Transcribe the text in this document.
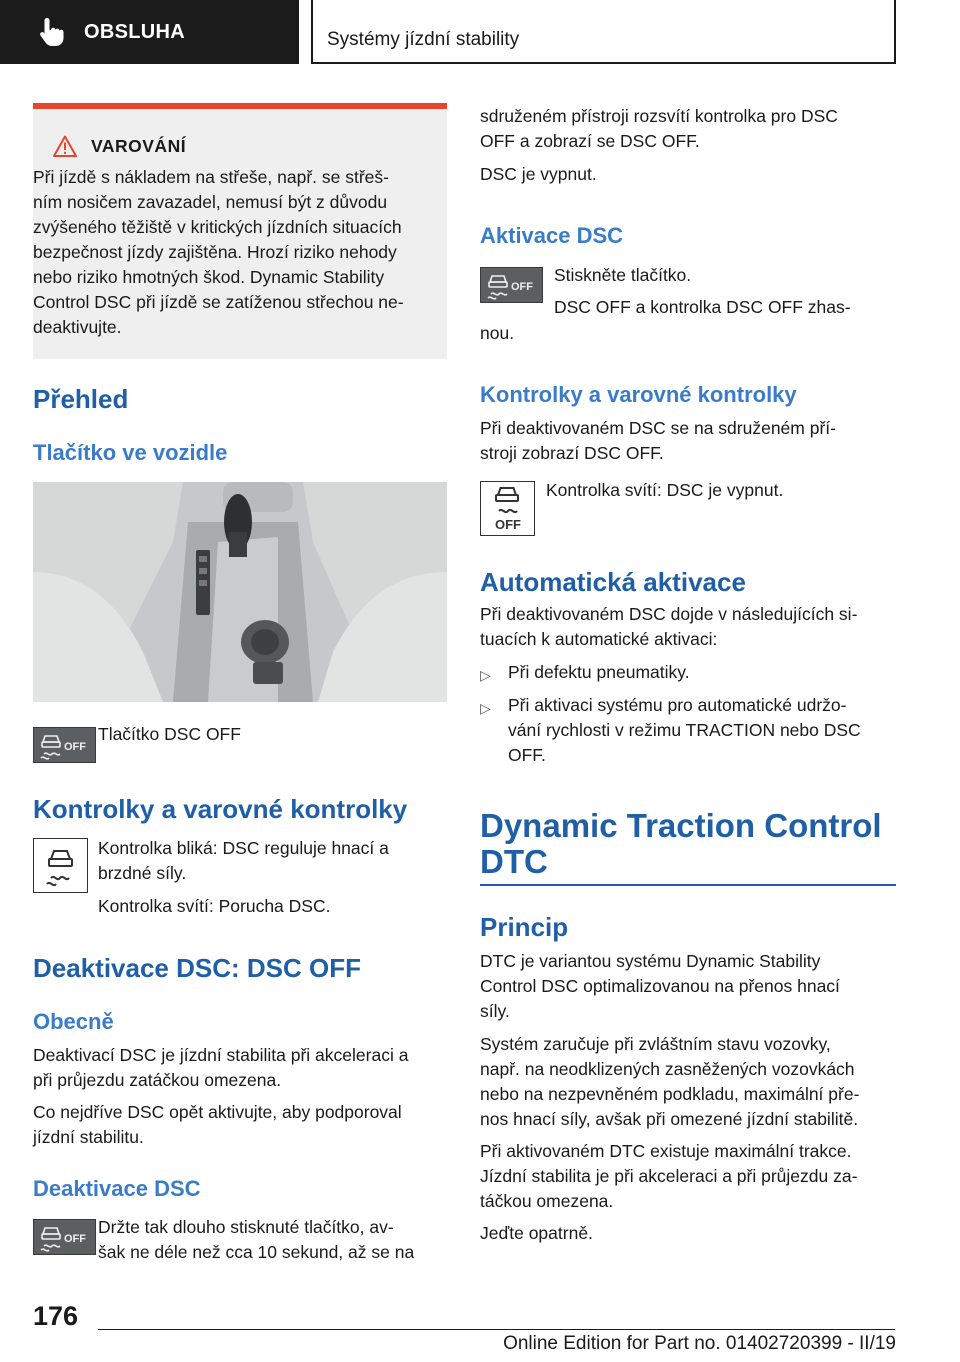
OBSLUHA	Systémy jízdní stability
VAROVÁNÍ
Při jízdě s nákladem na střeše, např. se střeš-
ním nosičem zavazadel, nemusí být z důvodu
zvýšeného těžiště v kritických jízdních situacích
bezpečnost jízdy zajištěna. Hrozí riziko nehody
nebo riziko hmotných škod. Dynamic Stability
Control DSC při jízdě se zatíženou střechou ne-
deaktivujte.
Přehled
Tlačítko ve vozidle
OFF
Tlačítko DSC OFF
Kontrolky a varovné kontrolky
Kontrolka bliká: DSC reguluje hnací a
brzdné síly.
Kontrolka svítí: Porucha DSC.
Deaktivace DSC: DSC OFF
Obecně
Deaktivací DSC je jízdní stabilita při akceleraci a
při průjezdu zatáčkou omezena.
Co nejdříve DSC opět aktivujte, aby podporoval
jízdní stabilitu.
Deaktivace DSC
OFF
Držte tak dlouho stisknuté tlačítko, av-
šak ne déle než cca 10 sekund, až se na
sdruženém přístroji rozsvítí kontrolka pro DSC
OFF a zobrazí se DSC OFF.
DSC je vypnut.
Aktivace DSC
OFF
Stiskněte tlačítko.
DSC OFF a kontrolka DSC OFF zhas-
nou.
Kontrolky a varovné kontrolky
Při deaktivovaném DSC se na sdruženém pří-
stroji zobrazí DSC OFF.
OFF
Kontrolka svítí: DSC je vypnut.
Automatická aktivace
Při deaktivovaném DSC dojde v následujících si-
tuacích k automatické aktivaci:
▷ Při defektu pneumatiky.
▷ Při aktivaci systému pro automatické udržo-
vání rychlosti v režimu TRACTION nebo DSC
OFF.
Dynamic Traction Control
DTC
Princip
DTC je variantou systému Dynamic Stability
Control DSC optimalizovanou na přenos hnací
síly.
Systém zaručuje při zvláštním stavu vozovky,
např. na neodklizených zasněžených vozovkách
nebo na nezpevněném podkladu, maximální pře-
nos hnací síly, avšak při omezené jízdní stabilitě.
Při aktivovaném DTC existuje maximální trakce.
Jízdní stabilita je při akceleraci a při průjezdu za-
táčkou omezena.
Jeďte opatrně.
176
Online Edition for Part no. 01402720399 - II/19
